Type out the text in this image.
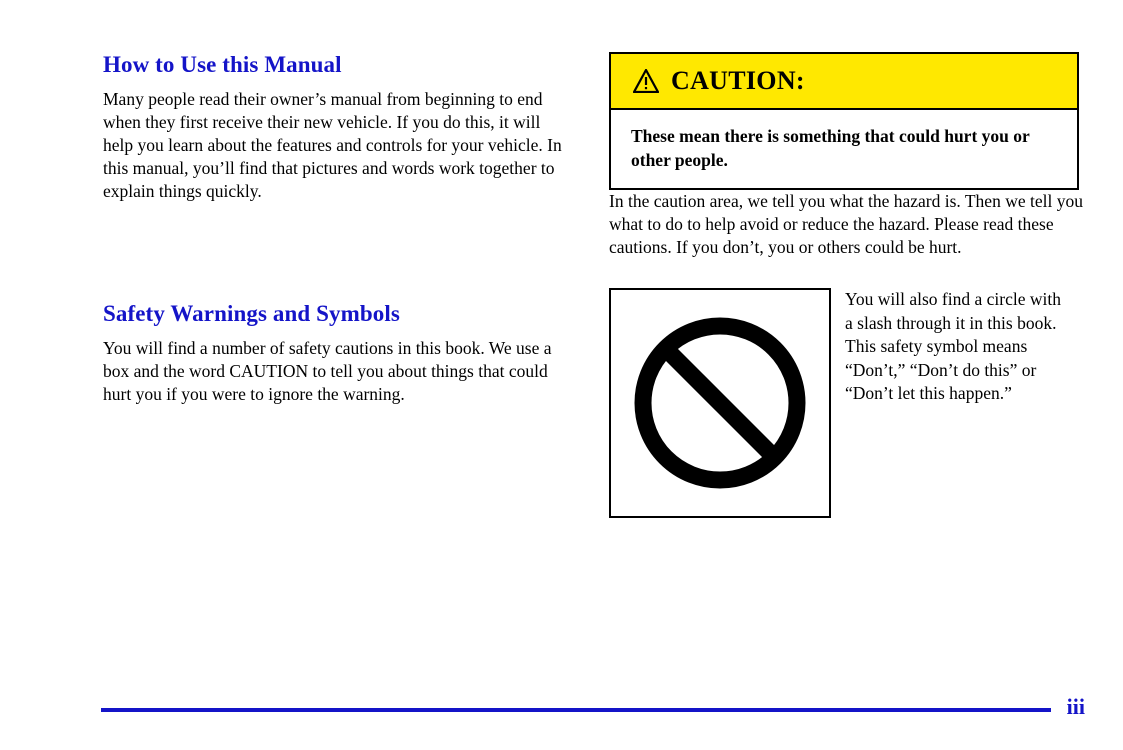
How to Use this Manual

Many people read their owner’s manual from beginning to end when they first receive their new vehicle. If you do this, it will help you learn about the features and controls for your vehicle. In this manual, you’ll find that pictures and words work together to explain things quickly.

Safety Warnings and Symbols

You will find a number of safety cautions in this book. We use a box and the word CAUTION to tell you about things that could hurt you if you were to ignore the warning.

CAUTION:

These mean there is something that could hurt you or other people.

In the caution area, we tell you what the hazard is. Then we tell you what to do to help avoid or reduce the hazard. Please read these cautions. If you don’t, you or others could be hurt.

You will also find a circle with a slash through it in this book. This safety symbol means “Don’t,” “Don’t do this” or “Don’t let this happen.”
iii
